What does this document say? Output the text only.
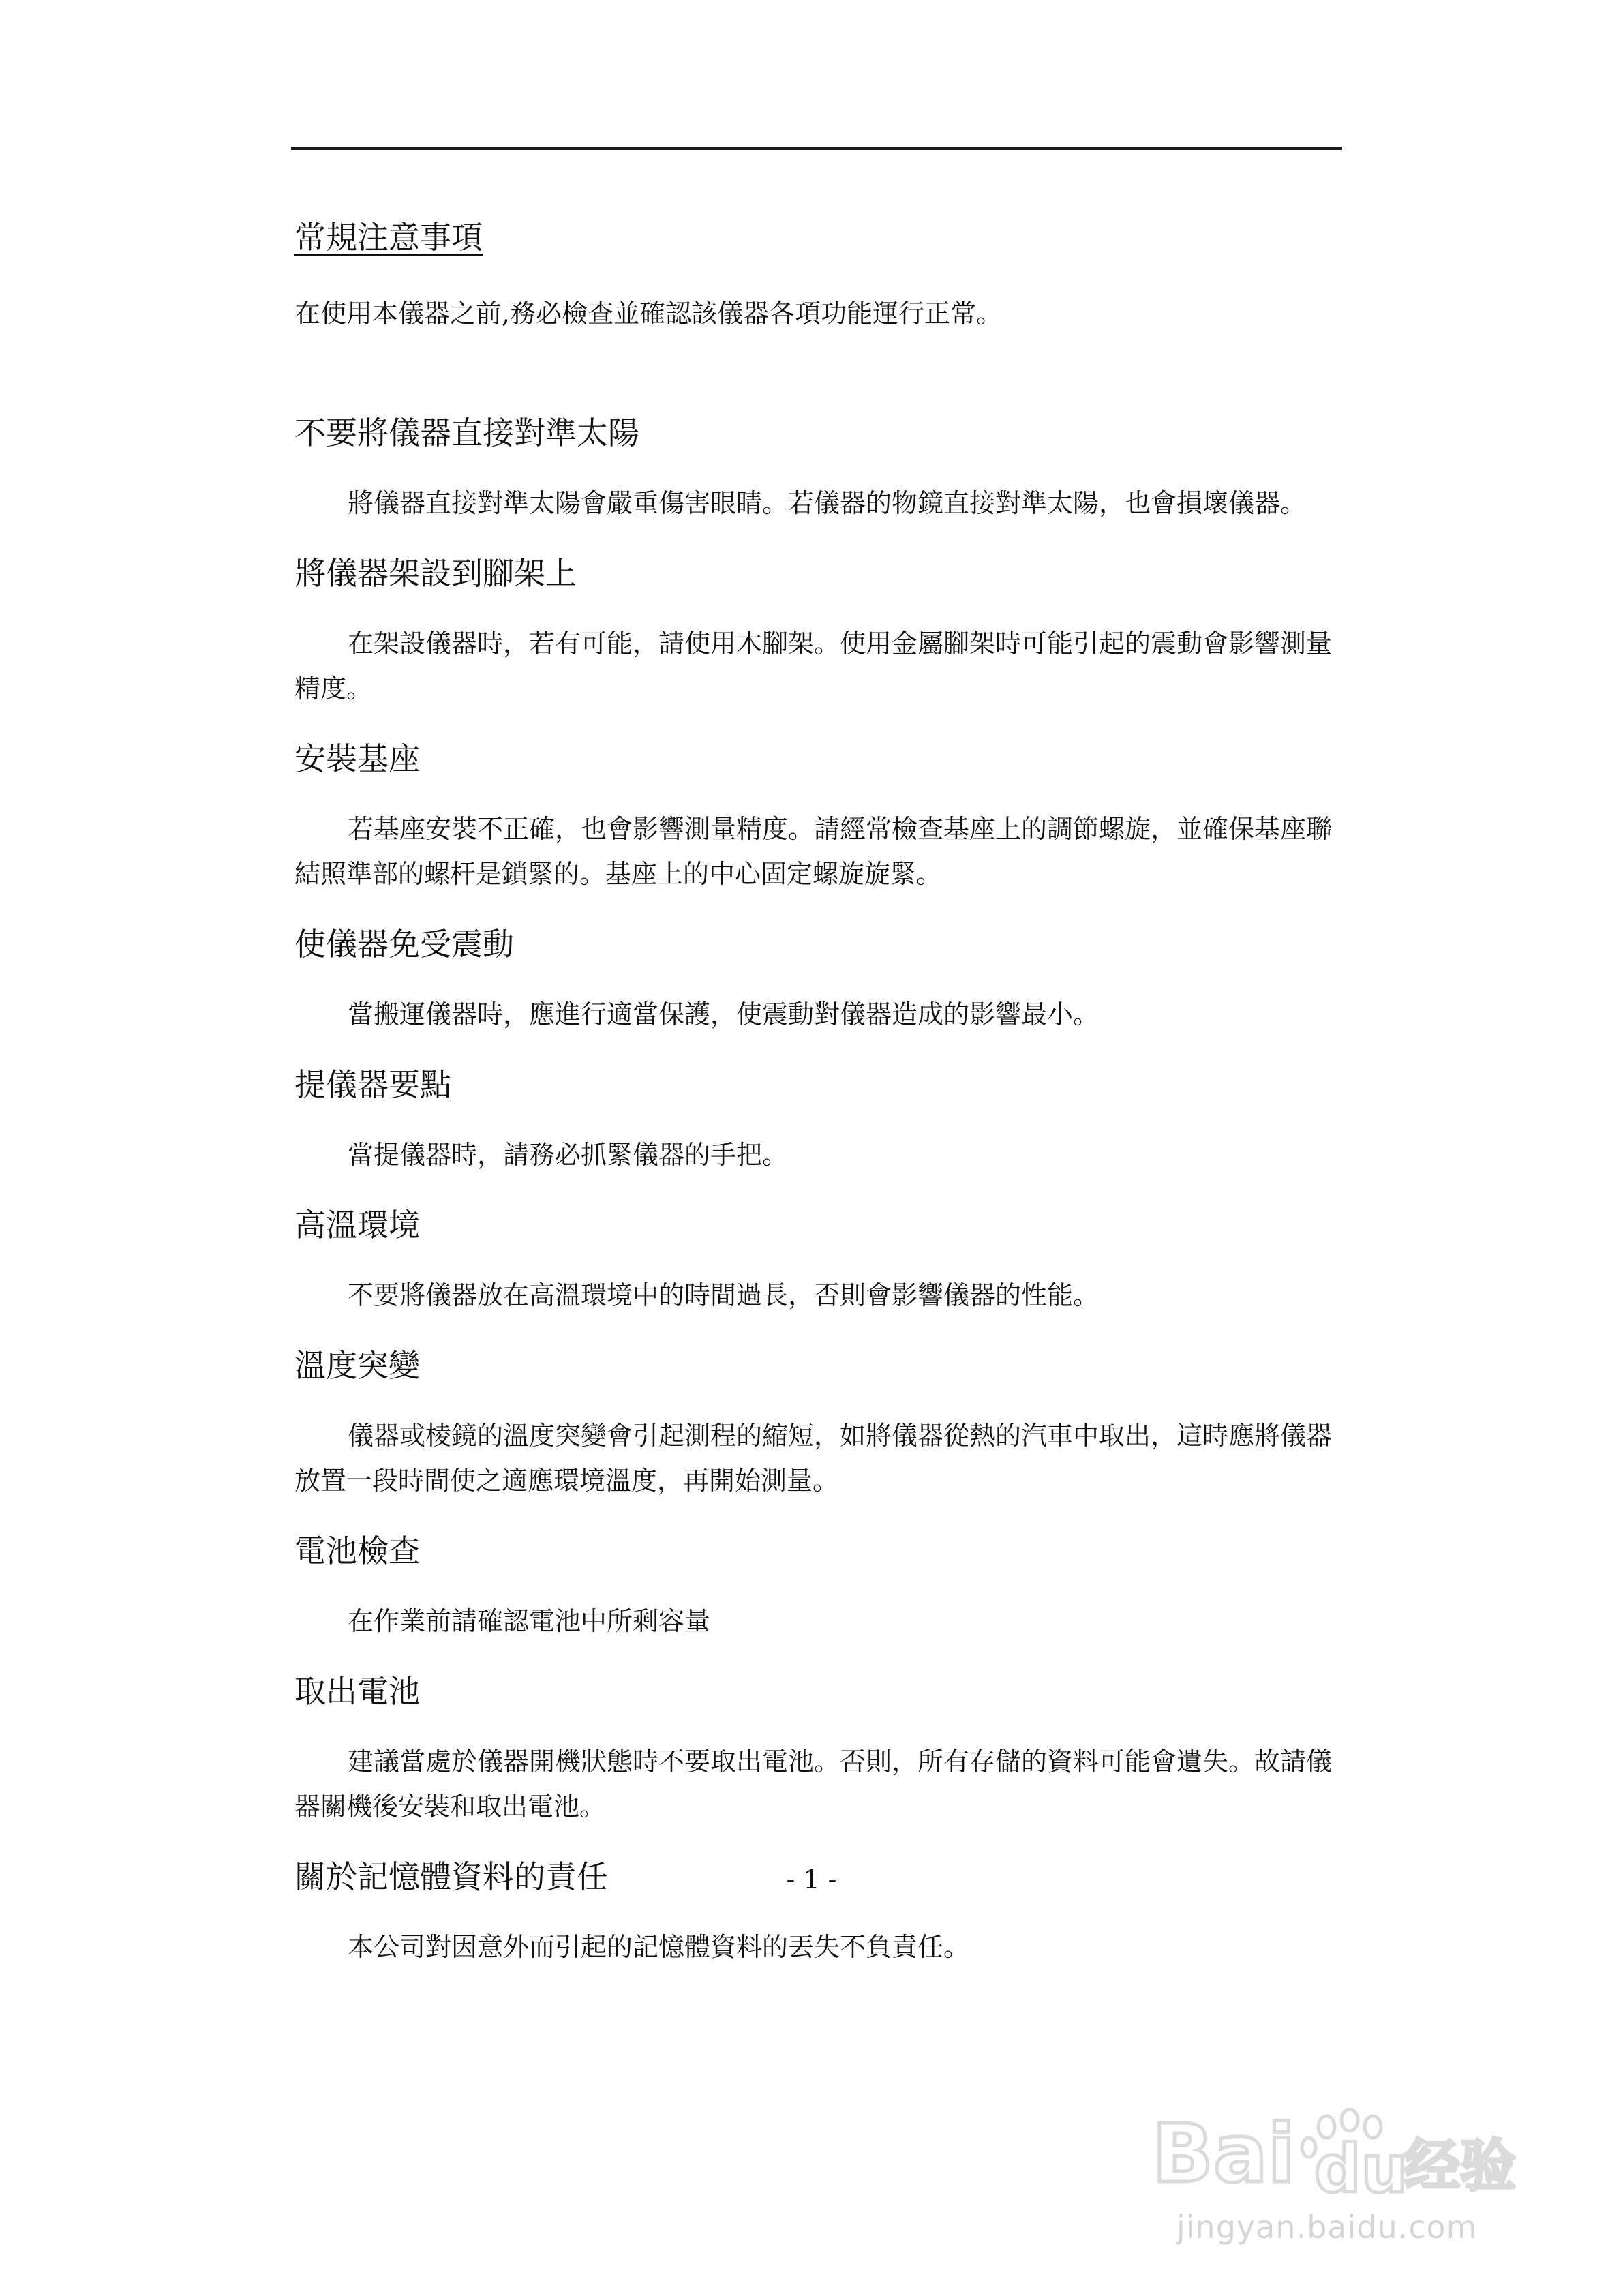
常規注意事項

在使用本儀器之前,務必檢查並確認該儀器各項功能運行正常。

不要將儀器直接對準太陽

將儀器直接對準太陽會嚴重傷害眼睛。若儀器的物鏡直接對準太陽，也會損壞儀器。

將儀器架設到腳架上

在架設儀器時，若有可能，請使用木腳架。使用金屬腳架時可能引起的震動會影響測量精度。

安裝基座

若基座安裝不正確，也會影響測量精度。請經常檢查基座上的調節螺旋，並確保基座聯結照準部的螺杆是鎖緊的。基座上的中心固定螺旋旋緊。

使儀器免受震動

當搬運儀器時，應進行適當保護，使震動對儀器造成的影響最小。

提儀器要點

當提儀器時，請務必抓緊儀器的手把。

高溫環境

不要將儀器放在高溫環境中的時間過長，否則會影響儀器的性能。

溫度突變

儀器或棱鏡的溫度突變會引起測程的縮短，如將儀器從熱的汽車中取出，這時應將儀器放置一段時間使之適應環境溫度，再開始測量。

電池檢查

在作業前請確認電池中所剩容量

取出電池

建議當處於儀器開機狀態時不要取出電池。否則，所有存儲的資料可能會遺失。故請儀器關機後安裝和取出電池。

關於記憶體資料的責任

本公司對因意外而引起的記憶體資料的丟失不負責任。

- 1 -
Bai du
经验
jingyan.baidu.com
